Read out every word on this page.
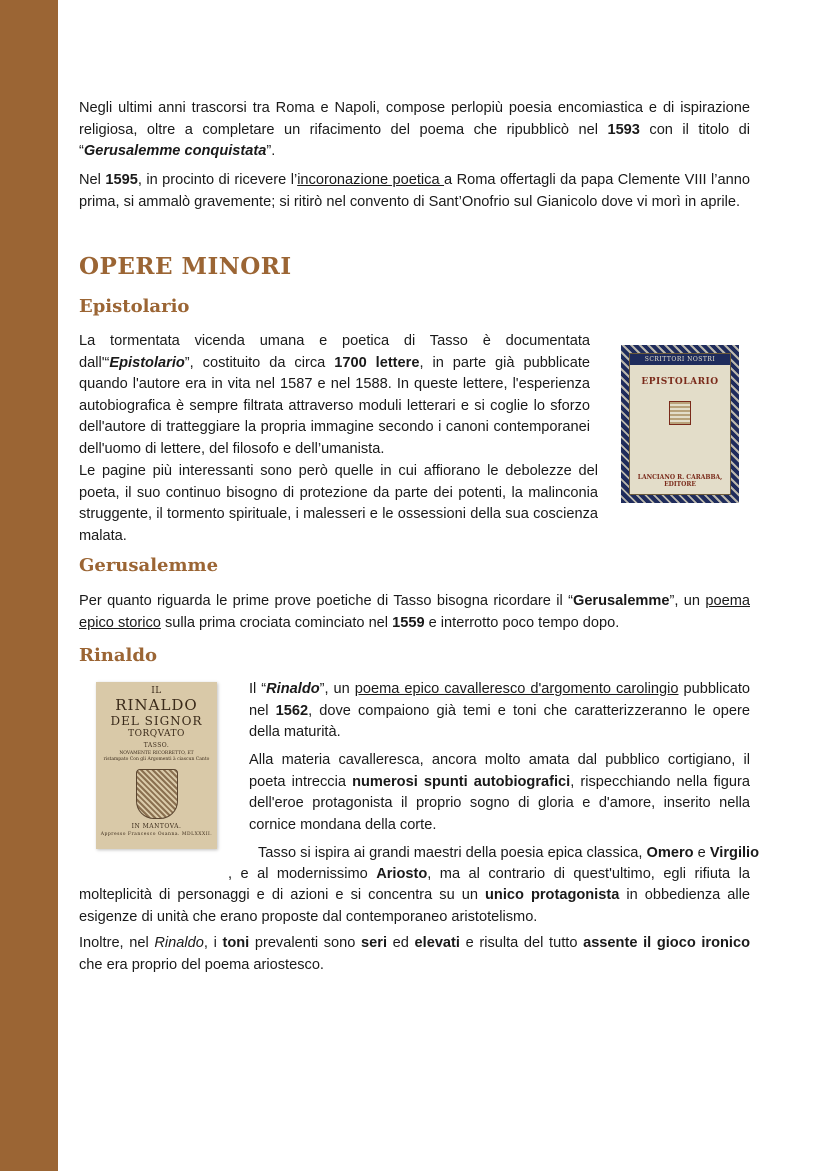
Negli ultimi anni trascorsi tra Roma e Napoli, compose perlopiù poesia encomiastica e di ispirazione religiosa, oltre a completare un rifacimento del poema che ripubblicò nel 1593 con il titolo di “Gerusalemme conquistata”.

Nel 1595, in procinto di ricevere l’incoronazione poetica a Roma offertagli da papa Clemente VIII l’anno prima, si ammalò gravemente; si ritirò nel convento di Sant’Onofrio sul Gianicolo dove vi morì in aprile.

OPERE MINORI
Epistolario

La tormentata vicenda umana e poetica di Tasso è documentata dall'“Epistolario”, costituito da circa 1700 lettere, in parte già pubblicate quando l'autore era in vita nel 1587 e nel 1588. In queste lettere, l'esperienza autobiografica è sempre filtrata attraverso moduli letterari e si coglie lo sforzo dell'autore di tratteggiare la propria immagine secondo i canoni contemporanei dell'uomo di lettere, del filosofo e dell’umanista.

Le pagine più interessanti sono però quelle in cui affiorano le debolezze del poeta, il suo continuo bisogno di protezione da parte dei potenti, la malinconia struggente, il tormento spirituale, i malesseri e le ossessioni della sua coscienza malata.

SCRITTORI NOSTRI
EPISTOLARIO
LANCIANO R. CARABBA, EDITORE
Gerusalemme

Per quanto riguarda le prime prove poetiche di Tasso bisogna ricordare il “Gerusalemme”, un poema epico storico sulla prima crociata cominciato nel 1559 e interrotto poco tempo dopo.

Rinaldo
IL
RINALDO
DEL SIGNOR
TORQVATO
TASSO.
NOVAMENTE RICORRETTO, ET
ristampato Con gli Argomenti à ciascun Canto
IN MANTOVA.
Appresso Francesco Osanna. MDLXXXII.

Il “Rinaldo”, un poema epico cavalleresco d'argomento carolingio pubblicato nel 1562, dove compaiono già temi e toni che caratterizzeranno le opere della maturità.

Alla materia cavalleresca, ancora molto amata dal pubblico cortigiano, il poeta intreccia numerosi spunti autobiografici, rispecchiando nella figura dell'eroe protagonista il proprio sogno di gloria e d'amore, inserito nella cornice mondana della corte.

Tasso si ispira ai grandi maestri della poesia epica classica, Omero e Virgilio

, e al modernissimo Ariosto, ma al contrario di quest'ultimo, egli rifiuta la

molteplicità di personaggi e di azioni e si concentra su un unico protagonista in obbedienza alle esigenze di unità che erano proposte dal contemporaneo aristotelismo.

Inoltre, nel Rinaldo, i toni prevalenti sono seri ed elevati e risulta del tutto assente il gioco ironico che era proprio del poema ariostesco.
